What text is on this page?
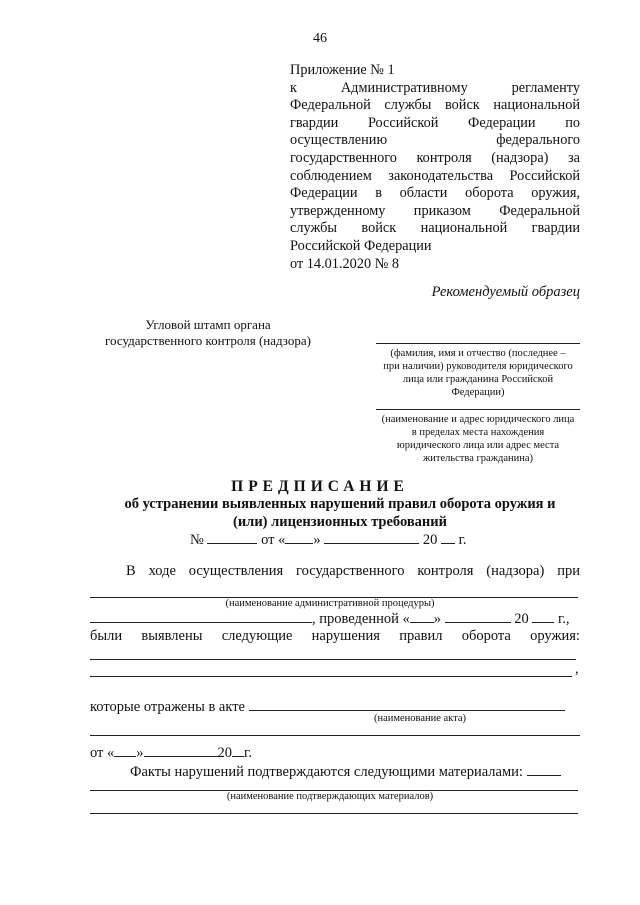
46
Приложение № 1
к Административному регламенту
Федеральной службы войск национальной
гвардии Российской Федерации по
осуществлению федерального
государственного контроля (надзора) за
соблюдением законодательства Российской
Федерации в области оборота оружия,
утвержденному приказом Федеральной
службы войск национальной гвардии
Российской Федерации
от 14.01.2020 № 8
Рекомендуемый образец
Угловой штамп органа
государственного контроля (надзора)
(фамилия, имя и отчество (последнее –
при наличии) руководителя юридического
лица или гражданина Российской
Федерации)
(наименование и адрес юридического лица
в пределах места нахождения
юридического лица или адрес места
жительства гражданина)
ПРЕДПИСАНИЕ
об устранении выявленных нарушений правил оборота оружия и
(или) лицензионных требований
№	от « »	20 г.
В ходе осуществления государственного контроля (надзора) при
(наименование административной процедуры)
, проведенной « »	20 г.,
были выявлены следующие нарушения правил оборота оружия:
,
которые отражены в акте
(наименование акта)
от « »	20 г.
Факты нарушений подтверждаются следующими материалами:
(наименование подтверждающих материалов)
